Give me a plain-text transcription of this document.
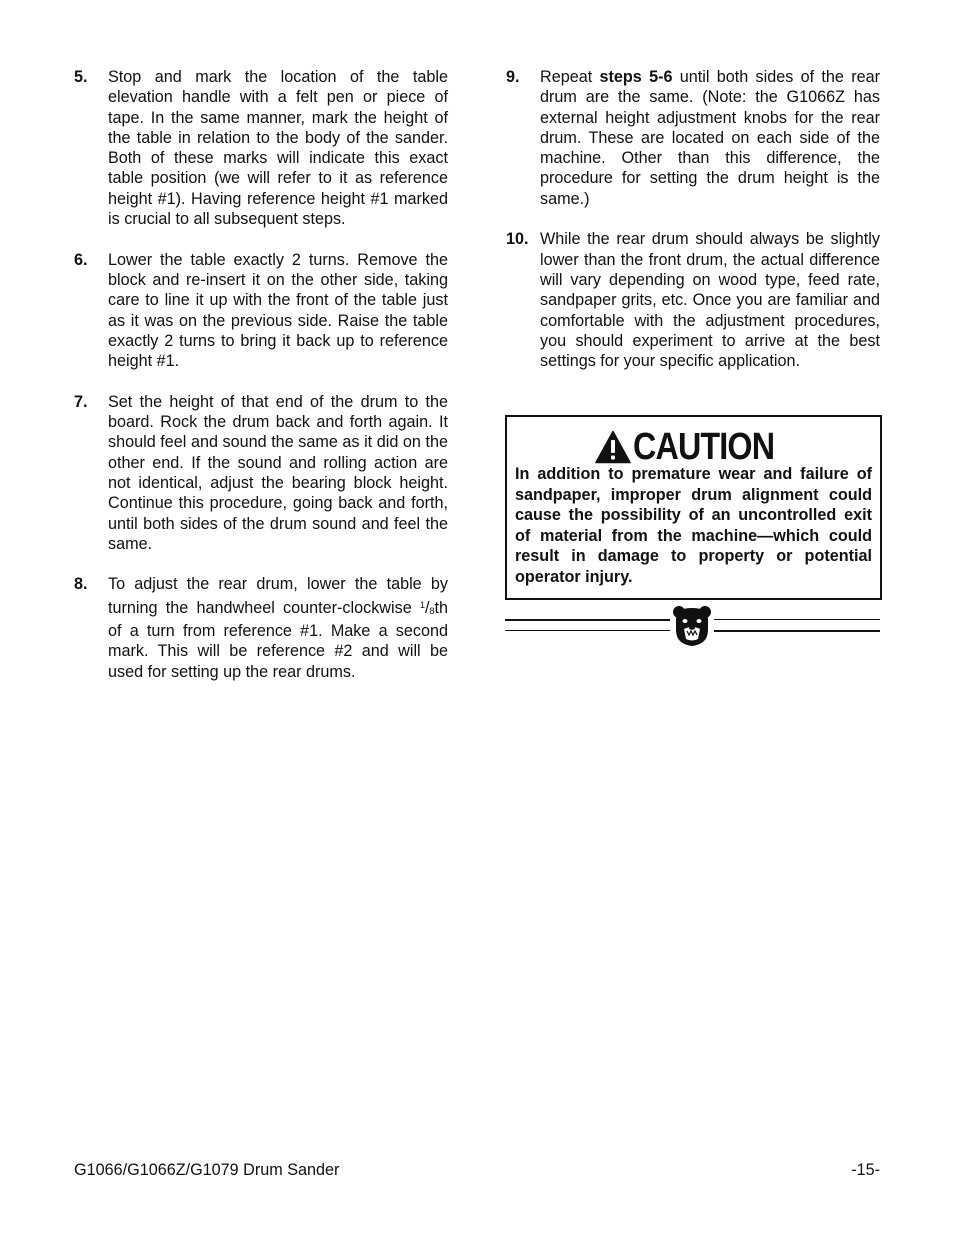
5.	Stop and mark the location of the table elevation handle with a felt pen or piece of tape. In the same manner, mark the height of the table in relation to the body of the sander. Both of these marks will indicate this exact table position (we will refer to it as reference height #1). Having reference height #1 marked is crucial to all subsequent steps.
6.	Lower the table exactly 2 turns. Remove the block and re-insert it on the other side, taking care to line it up with the front of the table just as it was on the previous side. Raise the table exactly 2 turns to bring it back up to reference height #1.
7.	Set the height of that end of the drum to the board. Rock the drum back and forth again. It should feel and sound the same as it did on the other end. If the sound and rolling action are not identical, adjust the bearing block height. Continue this procedure, going back and forth, until both sides of the drum sound and feel the same.
8.	To adjust the rear drum, lower the table by turning the handwheel counter-clockwise $^1/_8th$ of a turn from reference #1. Make a second mark. This will be reference #2 and will be used for setting up the rear drums.
9.	Repeat steps 5-6 until both sides of the rear drum are the same. (Note: the G1066Z has external height adjustment knobs for the rear drum. These are located on each side of the machine. Other than this difference, the procedure for setting the drum height is the same.)
10. While the rear drum should always be slightly lower than the front drum, the actual difference will vary depending on wood type, feed rate, sandpaper grits, etc. Once you are familiar and comfortable with the adjustment procedures, you should experiment to arrive at the best settings for your specific application.
CAUTION
In addition to premature wear and failure of sandpaper, improper drum alignment could cause the possibility of an uncontrolled exit of material from the machine—which could result in damage to property or potential operator injury.
G1066/G1066Z/G1079 Drum Sander	-15-
